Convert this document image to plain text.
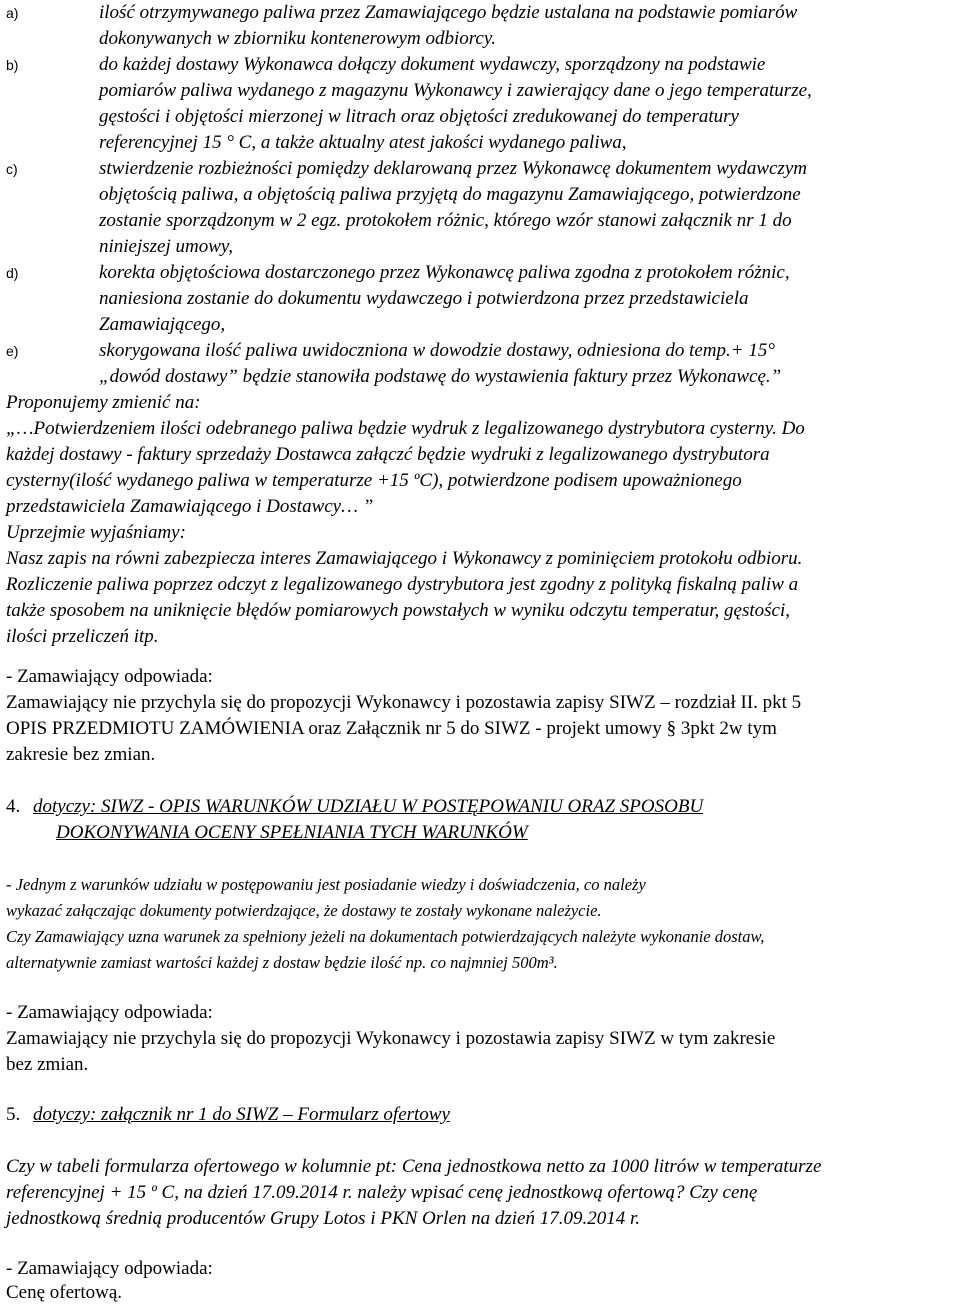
a)	ilość otrzymywanego paliwa przez Zamawiającego będzie ustalana na podstawie pomiarów
dokonywanych w zbiorniku kontenerowym odbiorcy.
b)	do każdej dostawy Wykonawca dołączy dokument wydawczy, sporządzony na podstawie
pomiarów paliwa wydanego z magazynu Wykonawcy i zawierający dane o jego temperaturze,
gęstości i objętości mierzonej w litrach oraz objętości zredukowanej do temperatury
referencyjnej 15 ° C, a także aktualny atest jakości wydanego paliwa,
c)	stwierdzenie rozbieżności pomiędzy deklarowaną przez Wykonawcę dokumentem wydawczym
objętością paliwa, a objętością paliwa przyjętą do magazynu Zamawiającego, potwierdzone
zostanie sporządzonym w 2 egz. protokołem różnic, którego wzór stanowi załącznik nr 1 do
niniejszej umowy,
d)	korekta objętościowa dostarczonego przez Wykonawcę paliwa zgodna z protokołem różnic,
naniesiona zostanie do dokumentu wydawczego i potwierdzona przez przedstawiciela
Zamawiającego,
e)	skorygowana ilość paliwa uwidoczniona w dowodzie dostawy, odniesiona do temp.+ 15°
„dowód dostawy” będzie stanowiła podstawę do wystawienia faktury przez Wykonawcę.”
Proponujemy zmienić na:
„…Potwierdzeniem ilości odebranego paliwa będzie wydruk z legalizowanego dystrybutora cysterny. Do
każdej dostawy - faktury sprzedaży Dostawca załączć będzie wydruki z legalizowanego dystrybutora
cysterny(ilość wydanego paliwa w temperaturze +15 ºC), potwierdzone podisem upoważnionego
przedstawiciela Zamawiającego i Dostawcy… ”
Uprzejmie wyjaśniamy:
Nasz zapis na równi zabezpiecza interes Zamawiającego i Wykonawcy z pominięciem protokołu odbioru.
Rozliczenie paliwa poprzez odczyt z legalizowanego dystrybutora jest zgodny z polityką fiskalną paliw a
także sposobem na uniknięcie błędów pomiarowych powstałych w wyniku odczytu temperatur, gęstości,
ilości przeliczeń itp.
- Zamawiający odpowiada:
Zamawiający nie przychyla się do propozycji Wykonawcy i pozostawia zapisy SIWZ – rozdział II. pkt 5
OPIS PRZEDMIOTU ZAMÓWIENIA oraz Załącznik nr 5 do SIWZ - projekt umowy § 3pkt 2w tym
zakresie bez zmian.
4. dotyczy: SIWZ - OPIS WARUNKÓW UDZIAŁU W POSTĘPOWANIU ORAZ SPOSOBU
DOKONYWANIA OCENY SPEŁNIANIA TYCH WARUNKÓW
- Jednym z warunków udziału w postępowaniu jest posiadanie wiedzy i doświadczenia, co należy
wykazać załączając dokumenty potwierdzające, że dostawy te zostały wykonane należycie.
Czy Zamawiający uzna warunek za spełniony jeżeli na dokumentach potwierdzających należyte wykonanie dostaw,
alternatywnie zamiast wartości każdej z dostaw będzie ilość np. co najmniej 500m³.
- Zamawiający odpowiada:
Zamawiający nie przychyla się do propozycji Wykonawcy i pozostawia zapisy SIWZ w tym zakresie
bez zmian.
5. dotyczy: załącznik nr 1 do SIWZ – Formularz ofertowy
Czy w tabeli formularza ofertowego w kolumnie pt: Cena jednostkowa netto za 1000 litrów w temperaturze
referencyjnej + 15 º C, na dzień 17.09.2014 r. należy wpisać cenę jednostkową ofertową? Czy cenę
jednostkową średnią producentów Grupy Lotos i PKN Orlen na dzień 17.09.2014 r.
- Zamawiający odpowiada:
Cenę ofertową.
